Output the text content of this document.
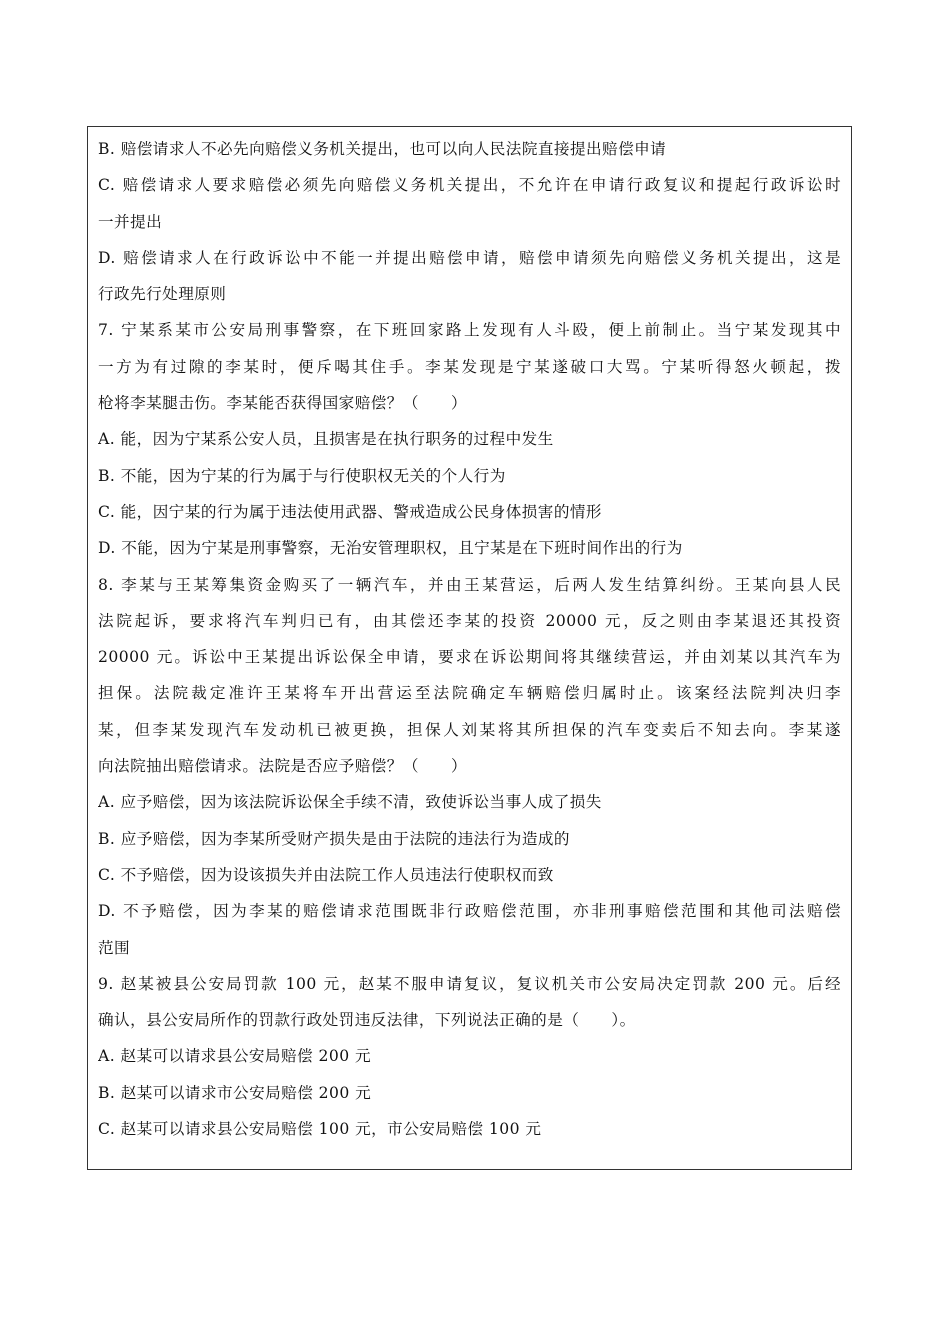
B. 赔偿请求人不必先向赔偿义务机关提出，也可以向人民法院直接提出赔偿申请
C. 赔偿请求人要求赔偿必须先向赔偿义务机关提出，不允许在申请行政复议和提起行政诉讼时
一并提出
D. 赔偿请求人在行政诉讼中不能一并提出赔偿申请，赔偿申请须先向赔偿义务机关提出，这是
行政先行处理原则
7. 宁某系某市公安局刑事警察，在下班回家路上发现有人斗殴，便上前制止。当宁某发现其中
一方为有过隙的李某时，便斥喝其住手。李某发现是宁某遂破口大骂。宁某听得怒火顿起，拨
枪将李某腿击伤。李某能否获得国家赔偿？（　　）
A. 能，因为宁某系公安人员，且损害是在执行职务的过程中发生
B. 不能，因为宁某的行为属于与行使职权无关的个人行为
C. 能，因宁某的行为属于违法使用武器、警戒造成公民身体损害的情形
D. 不能，因为宁某是刑事警察，无治安管理职权，且宁某是在下班时间作出的行为
8. 李某与王某筹集资金购买了一辆汽车，并由王某营运，后两人发生结算纠纷。王某向县人民
法院起诉，要求将汽车判归已有，由其偿还李某的投资 20000 元，反之则由李某退还其投资
20000 元。诉讼中王某提出诉讼保全申请，要求在诉讼期间将其继续营运，并由刘某以其汽车为
担保。法院裁定准许王某将车开出营运至法院确定车辆赔偿归属时止。该案经法院判决归李
某，但李某发现汽车发动机已被更换，担保人刘某将其所担保的汽车变卖后不知去向。李某遂
向法院抽出赔偿请求。法院是否应予赔偿？（　　）
A. 应予赔偿，因为该法院诉讼保全手续不清，致使诉讼当事人成了损失
B. 应予赔偿，因为李某所受财产损失是由于法院的违法行为造成的
C. 不予赔偿，因为设该损失并由法院工作人员违法行使职权而致
D. 不予赔偿，因为李某的赔偿请求范围既非行政赔偿范围，亦非刑事赔偿范围和其他司法赔偿
范围
9. 赵某被县公安局罚款 100 元，赵某不服申请复议，复议机关市公安局决定罚款 200 元。后经
确认，县公安局所作的罚款行政处罚违反法律，下列说法正确的是（　　）。
A. 赵某可以请求县公安局赔偿 200 元
B. 赵某可以请求市公安局赔偿 200 元
C. 赵某可以请求县公安局赔偿 100 元，市公安局赔偿 100 元
